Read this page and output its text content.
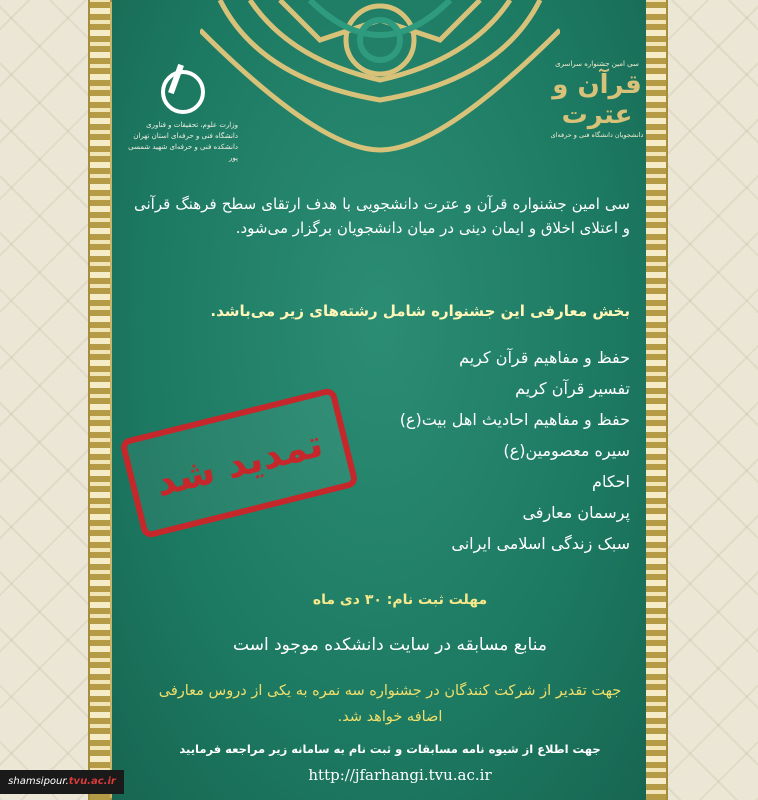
وزارت علوم، تحقیقات و فناوری
دانشگاه فنی و حرفه‌ای استان تهران
دانشکده فنی و حرفه‌ای شهید شمسی پور
سی امین جشنواره سراسری
قرآن و
عترت
دانشجویان دانشگاه فنی و حرفه‌ای
سی امین جشنواره قرآن و عترت دانشجویی با هدف ارتقای سطح فرهنگ قرآنی و اعتلای اخلاق و ایمان دینی در میان دانشجویان برگزار می‌شود.
بخش معارفی این جشنواره شامل رشته‌های زیر می‌باشد.
حفظ و مفاهیم قرآن کریم
تفسیر قرآن کریم
حفظ و مفاهیم احادیث اهل بیت(ع)
سیره معصومین(ع)
احکام
پرسمان معارفی
سبک زندگی اسلامی ایرانی
تمدید شد
مهلت ثبت نام: ۳۰ دی ماه
منابع مسابقه در سایت دانشکده موجود است
جهت تقدیر از شرکت کنندگان در جشنواره سه نمره به یکی از دروس معارفی اضافه خواهد شد.
جهت اطلاع از شیوه نامه مسابقات و ثبت نام به سامانه زیر مراجعه فرمایید
http://jfarhangi.tvu.ac.ir
shamsipour.tvu.ac.ir
